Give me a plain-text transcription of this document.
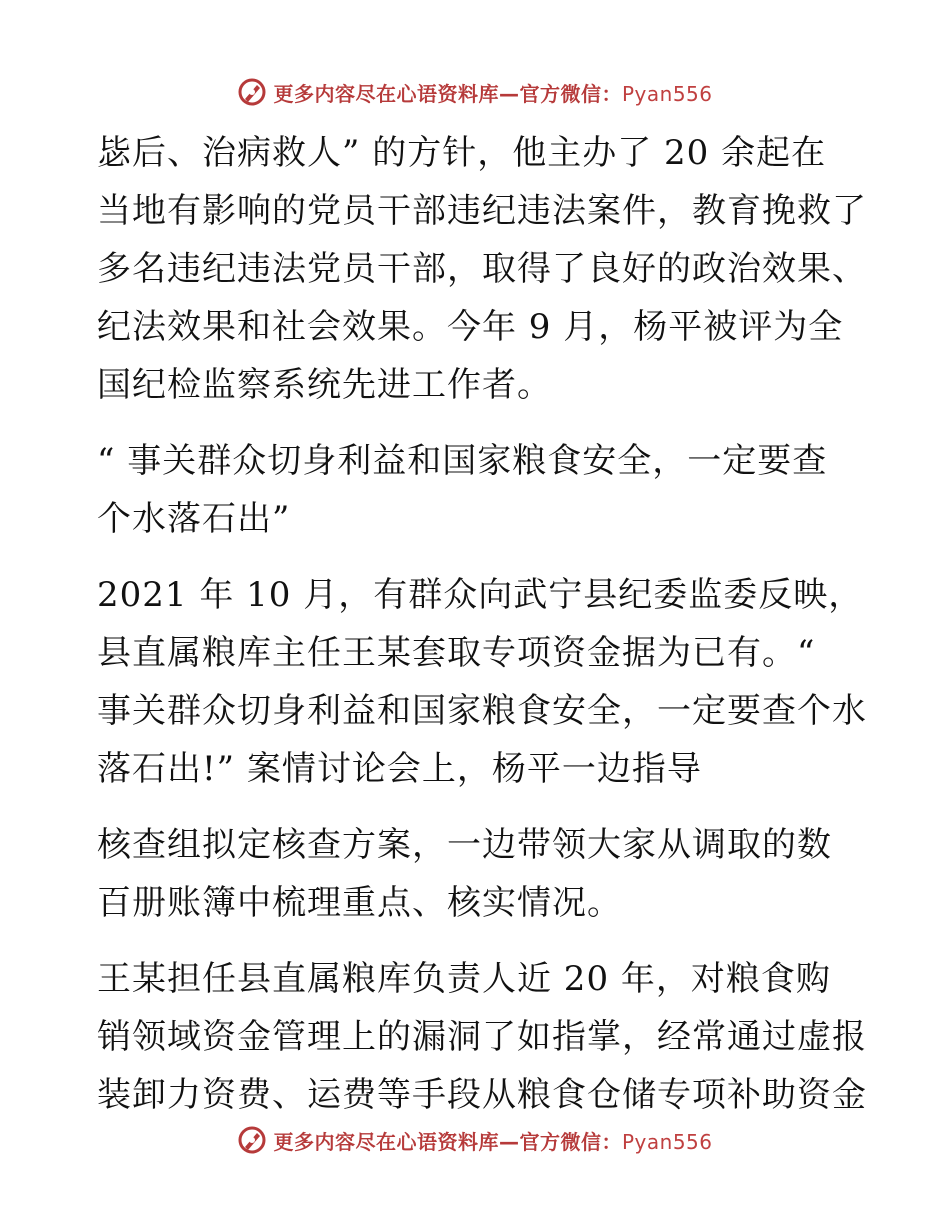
更多内容尽在心语资料库—官方微信：Pyan556

毖后、治病救人” 的方针，他主办了 20 余起在
当地有影响的党员干部违纪违法案件，教育挽救了
多名违纪违法党员干部，取得了良好的政治效果、
纪法效果和社会效果。今年 9 月，杨平被评为全
国纪检监察系统先进工作者。

“ 事关群众切身利益和国家粮食安全，一定要查
个水落石出”

2021 年 10 月，有群众向武宁县纪委监委反映，
县直属粮库主任王某套取专项资金据为已有。“
事关群众切身利益和国家粮食安全，一定要查个水
落石出!” 案情讨论会上，杨平一边指导

核查组拟定核查方案，一边带领大家从调取的数
百册账簿中梳理重点、核实情况。

王某担任县直属粮库负责人近 20 年，对粮食购
销领域资金管理上的漏洞了如指掌，经常通过虚报
装卸力资费、运费等手段从粮食仓储专项补助资金

更多内容尽在心语资料库—官方微信：Pyan556
